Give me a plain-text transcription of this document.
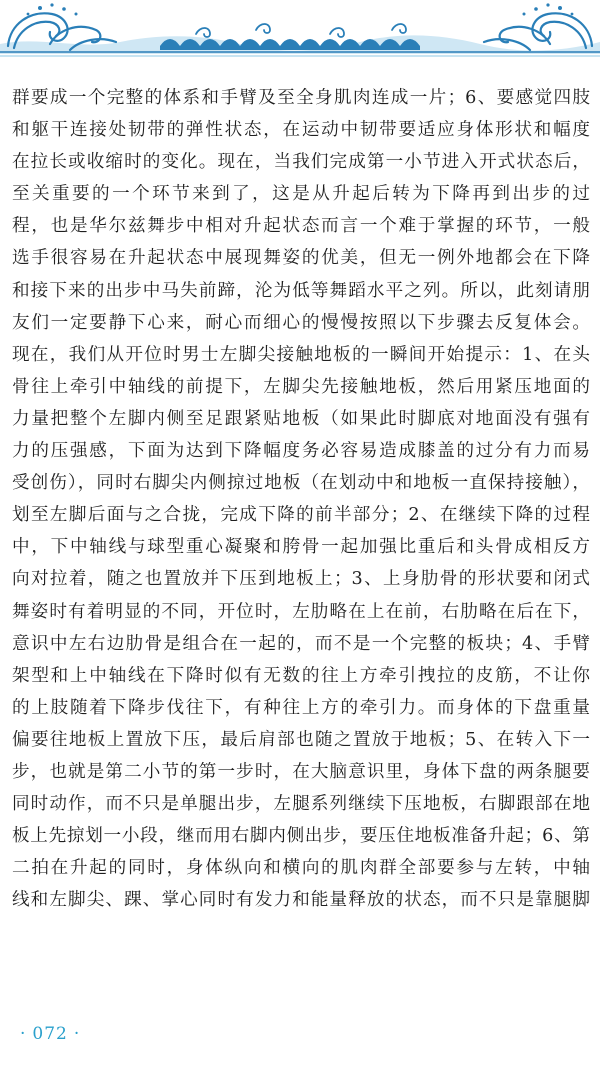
群要成一个完整的体系和手臂及至全身肌肉连成一片；6、要感觉四肢
和躯干连接处韧带的弹性状态，在运动中韧带要适应身体形状和幅度
在拉长或收缩时的变化。现在，当我们完成第一小节进入开式状态后，
至关重要的一个环节来到了，这是从升起后转为下降再到出步的过
程，也是华尔兹舞步中相对升起状态而言一个难于掌握的环节，一般
选手很容易在升起状态中展现舞姿的优美，但无一例外地都会在下降
和接下来的出步中马失前蹄，沦为低等舞蹈水平之列。所以，此刻请朋
友们一定要静下心来，耐心而细心的慢慢按照以下步骤去反复体会。
现在，我们从开位时男士左脚尖接触地板的一瞬间开始提示：1、在头
骨往上牵引中轴线的前提下，左脚尖先接触地板，然后用紧压地面的
力量把整个左脚内侧至足跟紧贴地板（如果此时脚底对地面没有强有
力的压强感，下面为达到下降幅度务必容易造成膝盖的过分有力而易
受创伤），同时右脚尖内侧掠过地板（在划动中和地板一直保持接触），
划至左脚后面与之合拢，完成下降的前半部分；2、在继续下降的过程
中，下中轴线与球型重心凝聚和胯骨一起加强比重后和头骨成相反方
向对拉着，随之也置放并下压到地板上；3、上身肋骨的形状要和闭式
舞姿时有着明显的不同，开位时，左肋略在上在前，右肋略在后在下，
意识中左右边肋骨是组合在一起的，而不是一个完整的板块；4、手臂
架型和上中轴线在下降时似有无数的往上方牵引拽拉的皮筋，不让你
的上肢随着下降步伐往下，有种往上方的牵引力。而身体的下盘重量
偏要往地板上置放下压，最后肩部也随之置放于地板；5、在转入下一
步，也就是第二小节的第一步时，在大脑意识里，身体下盘的两条腿要
同时动作，而不只是单腿出步，左腿系列继续下压地板，右脚跟部在地
板上先掠划一小段，继而用右脚内侧出步，要压住地板准备升起；6、第
二拍在升起的同时，身体纵向和横向的肌肉群全部要参与左转，中轴
线和左脚尖、踝、掌心同时有发力和能量释放的状态，而不只是靠腿脚
· 072 ·
